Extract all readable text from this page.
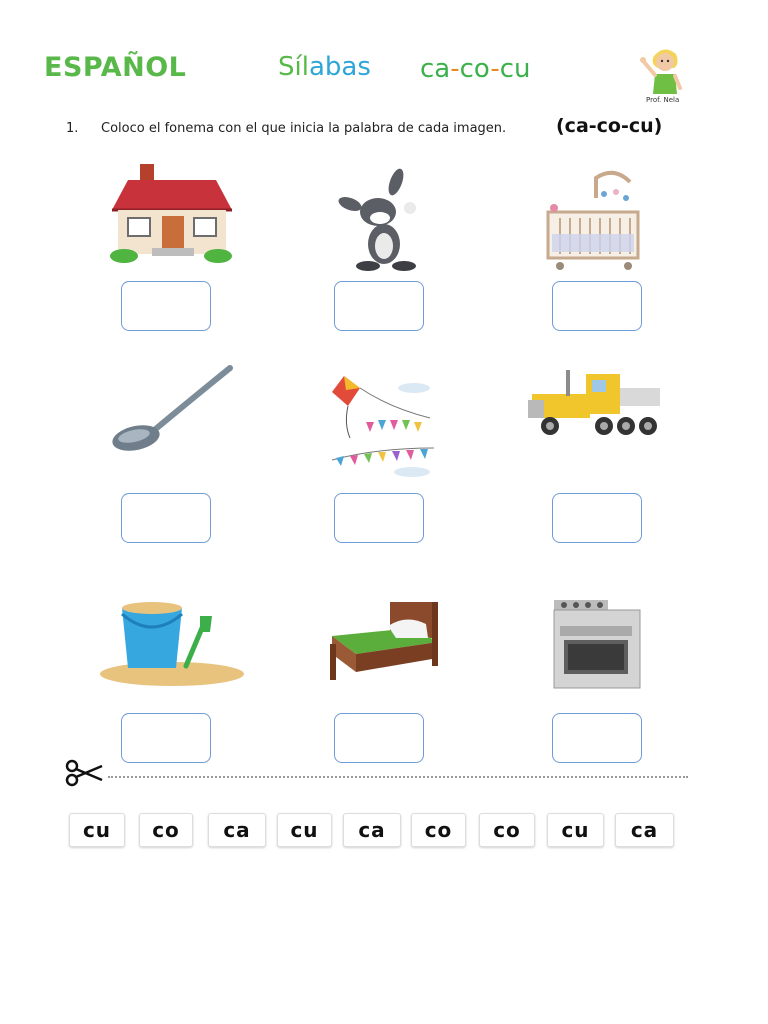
ESPAÑOL	Sílabas ca-co-cu
Prof. Nela
1. Coloco el fonema con el que inicia la palabra de cada imagen.	(ca-co-cu)
cu	co	ca	cu	ca	co	co	cu	ca
